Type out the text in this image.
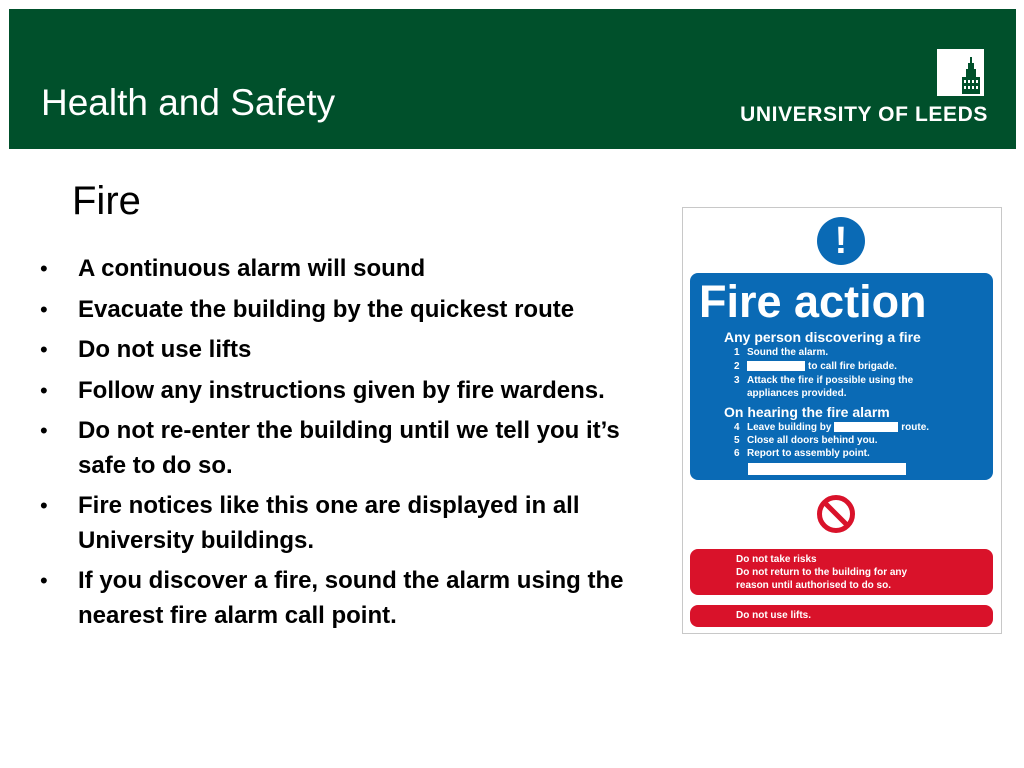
Health and Safety	UNIVERSITY OF LEEDS
Fire
• A continuous alarm will sound
• Evacuate the building by the quickest route
• Do not use lifts
• Follow any instructions given by fire wardens.
• Do not re-enter the building until we tell you it’s safe to do so.
• Fire notices like this one are displayed in all University buildings.
• If you discover a fire, sound the alarm using the nearest fire alarm call point.
!
Fire action
Any person discovering a fire
1 Sound the alarm.
2	to call fire brigade.
3 Attack the fire if possible using the
appliances provided.
On hearing the fire alarm
4 Leave building by	route.
5 Close all doors behind you.
6 Report to assembly point.
Do not take risks
Do not return to the building for any
reason until authorised to do so.
Do not use lifts.
